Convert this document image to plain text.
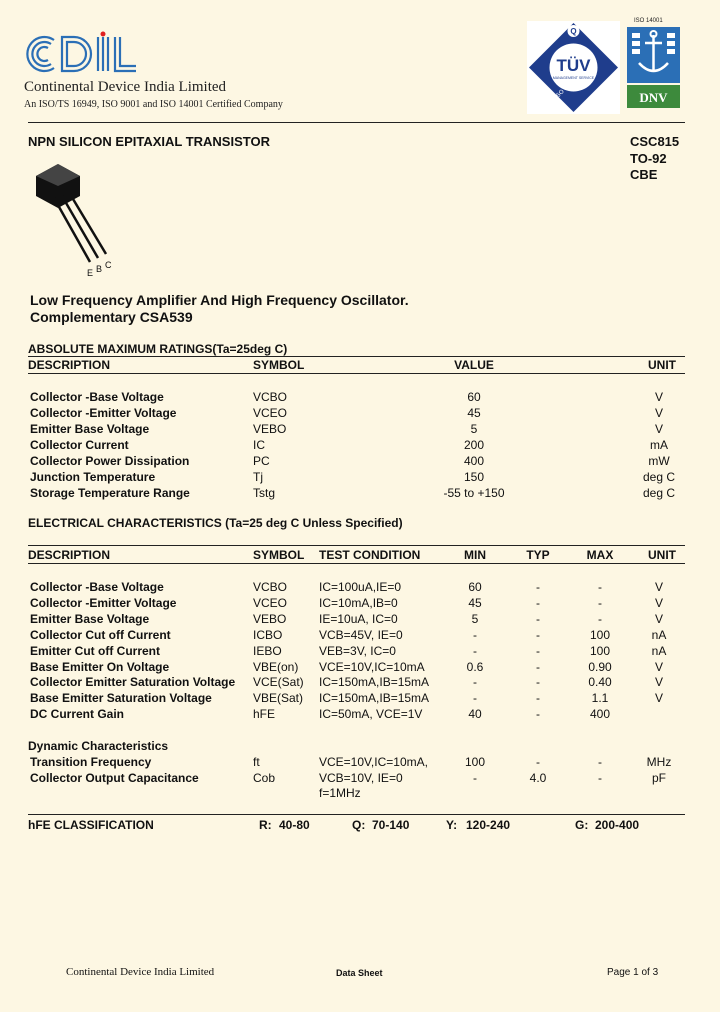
Continental Device India Limited
An ISO/TS 16949, ISO 9001 and ISO 14001 Certified Company
Q
TÜV
MANAGEMENT SERVICE
ISO 9001
ISO 14001
DNV
NPN SILICON EPITAXIAL TRANSISTOR	CSC815
TO-92
CBE
E B C
Low Frequency Amplifier And High Frequency Oscillator.
Complementary CSA539
ABSOLUTE MAXIMUM RATINGS(Ta=25deg C)
DESCRIPTION	SYMBOL	VALUE	UNIT
Collector -Base Voltage	VCBO	60	V
Collector -Emitter Voltage	VCEO	45	V
Emitter Base Voltage	VEBO	5	V
Collector Current	IC	200	mA
Collector Power Dissipation	PC	400	mW
Junction Temperature	Tj	150	deg C
Storage Temperature Range	Tstg	-55 to +150	deg C
ELECTRICAL CHARACTERISTICS (Ta=25 deg C Unless Specified)
DESCRIPTION	SYMBOL TEST CONDITION	MIN	TYP	MAX	UNIT
Collector -Base Voltage	VCBO	IC=100uA,IE=0	60	-	-	V
Collector -Emitter Voltage	VCEO	IC=10mA,IB=0	45	-	-	V
Emitter Base Voltage	VEBO	IE=10uA, IC=0	5	-	-	V
Collector Cut off Current	ICBO	VCB=45V, IE=0	-	-	100	nA
Emitter Cut off Current	IEBO	VEB=3V, IC=0	-	-	100	nA
Base Emitter On Voltage	VBE(on) VCE=10V,IC=10mA	0.6	-	0.90	V
Collector Emitter Saturation Voltage VCE(Sat) IC=150mA,IB=15mA	-	-	0.40	V
Base Emitter Saturation Voltage	VBE(Sat) IC=150mA,IB=15mA	-	-	1.1	V
DC Current Gain	hFE	IC=50mA, VCE=1V	40	-	400
Dynamic Characteristics
Transition Frequency	ft	VCE=10V,IC=10mA,	100	-	-	MHz
Collector Output Capacitance	Cob	VCB=10V, IE=0	-	4.0	-	pF
f=1MHz
hFE CLASSIFICATION	R: 40-80	Q: 70-140	Y: 120-240	G: 200-400
Continental Device India Limited	Data Sheet	Page 1 of 3
